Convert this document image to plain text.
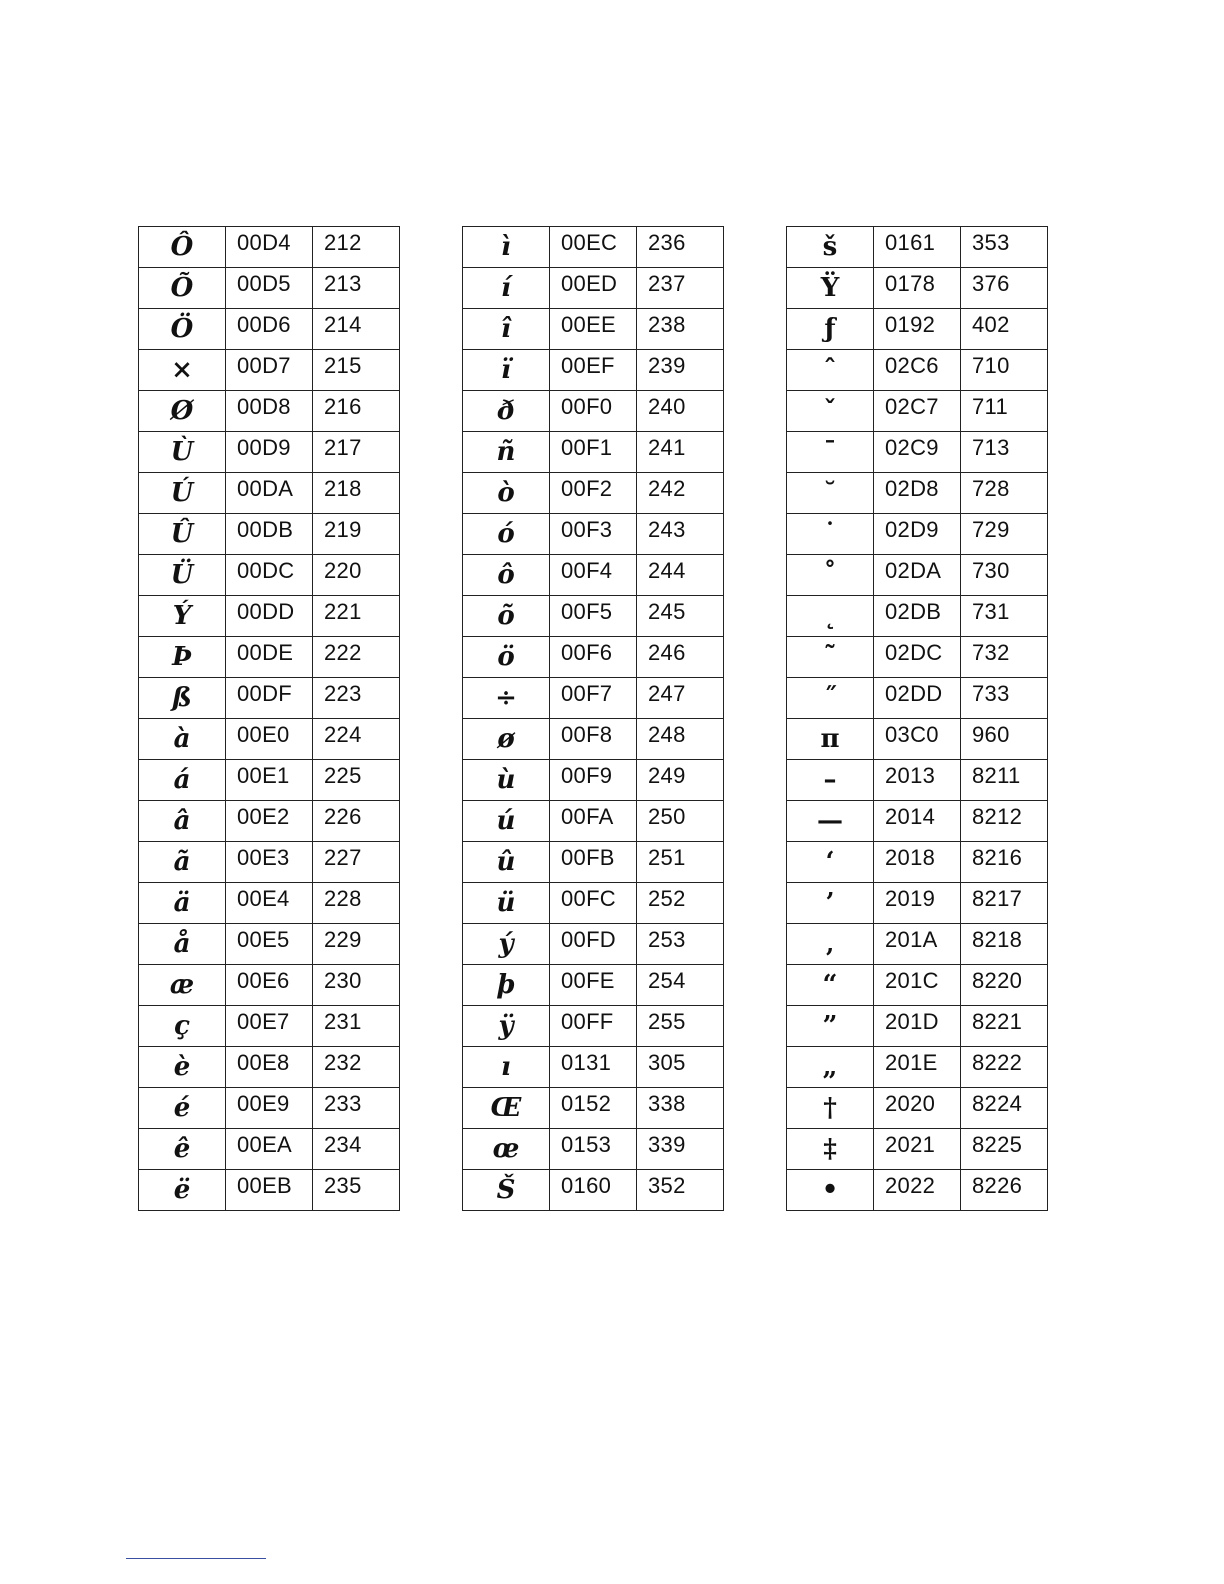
Ô	00D4	212
Õ	00D5	213
Ö	00D6	214
×	00D7	215
Ø	00D8	216
Ù	00D9	217
Ú	00DA	218
Û	00DB	219
Ü	00DC	220
Ý	00DD	221
Þ	00DE	222
ß	00DF	223
à	00E0	224
á	00E1	225
â	00E2	226
ã	00E3	227
ä	00E4	228
å	00E5	229
æ	00E6	230
ç	00E7	231
è	00E8	232
é	00E9	233
ê	00EA	234
ë	00EB	235
ì	00EC	236
í	00ED	237
î	00EE	238
ï	00EF	239
ð	00F0	240
ñ	00F1	241
ò	00F2	242
ó	00F3	243
ô	00F4	244
õ	00F5	245
ö	00F6	246
÷	00F7	247
ø	00F8	248
ù	00F9	249
ú	00FA	250
û	00FB	251
ü	00FC	252
ý	00FD	253
þ	00FE	254
ÿ	00FF	255
ı	0131	305
Œ	0152	338
œ	0153	339
Š	0160	352
š	0161	353
Ÿ	0178	376
ƒ	0192	402
ˆ	02C6	710
ˇ	02C7	711
ˉ	02C9	713
˘	02D8	728
˙	02D9	729
˚	02DA	730
˛	02DB	731
˜	02DC	732
˝	02DD	733
π	03C0	960
–	2013	8211
—	2014	8212
‘	2018	8216
’	2019	8217
‚	201A	8218
“	201C	8220
”	201D	8221
„	201E	8222
†	2020	8224
‡	2021	8225
•	2022	8226
